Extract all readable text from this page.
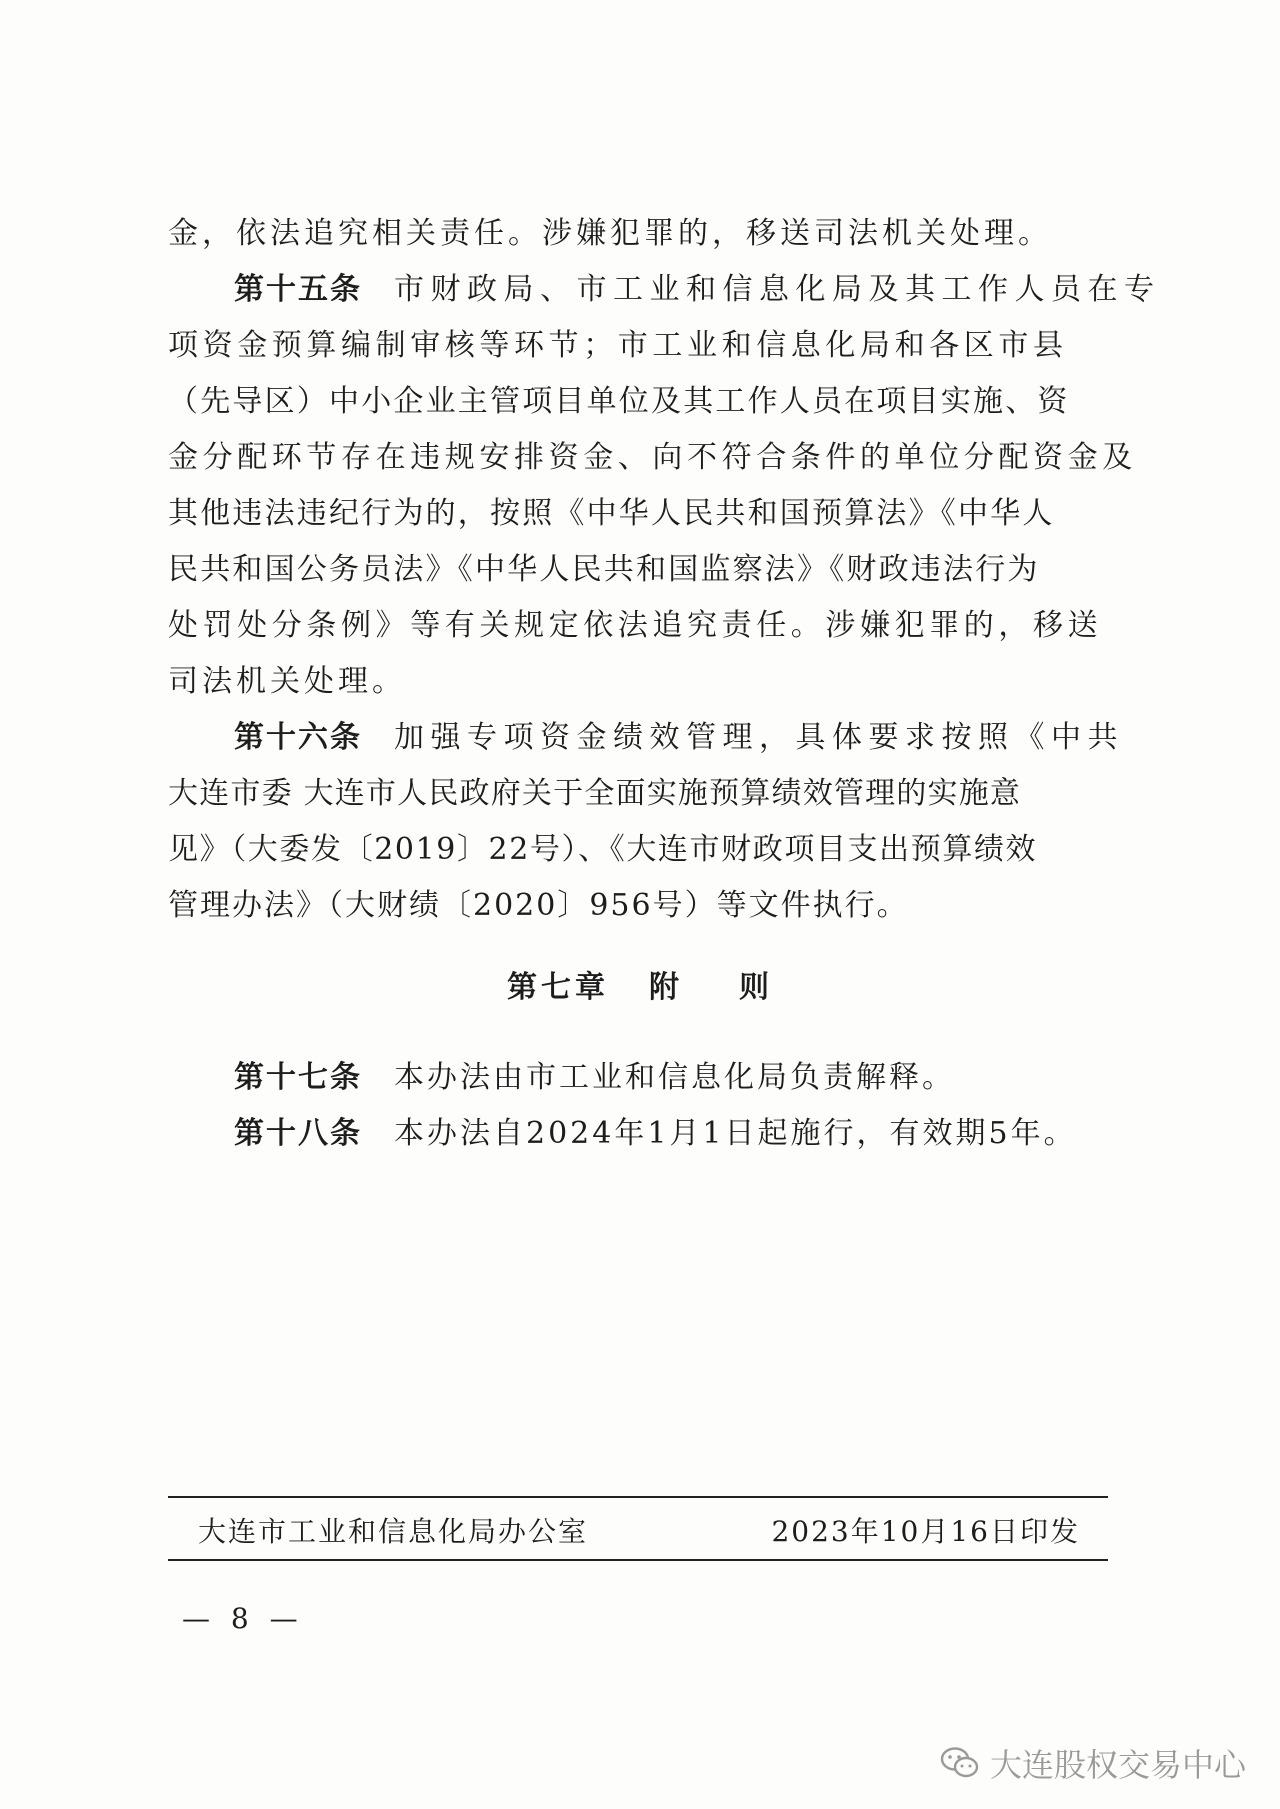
金，依法追究相关责任。涉嫌犯罪的，移送司法机关处理。
第十五条 市财政局、市工业和信息化局及其工作人员在专
项资金预算编制审核等环节；市工业和信息化局和各区市县
（先导区）中小企业主管项目单位及其工作人员在项目实施、资
金分配环节存在违规安排资金、向不符合条件的单位分配资金及
其他违法违纪行为的，按照《中华人民共和国预算法》《中华人
民共和国公务员法》《中华人民共和国监察法》《财政违法行为
处罚处分条例》等有关规定依法追究责任。涉嫌犯罪的，移送
司法机关处理。
第十六条 加强专项资金绩效管理，具体要求按照《中共
大连市委 大连市人民政府关于全面实施预算绩效管理的实施意
见》（大委发〔2019〕22号）、《大连市财政项目支出预算绩效
管理办法》（大财绩〔2020〕956号）等文件执行。
第七章 附 则
第十七条 本办法由市工业和信息化局负责解释。
第十八条 本办法自2024年1月1日起施行，有效期5年。
大连市工业和信息化局办公室	2023年10月16日印发
— 8 —
大连股权交易中心
